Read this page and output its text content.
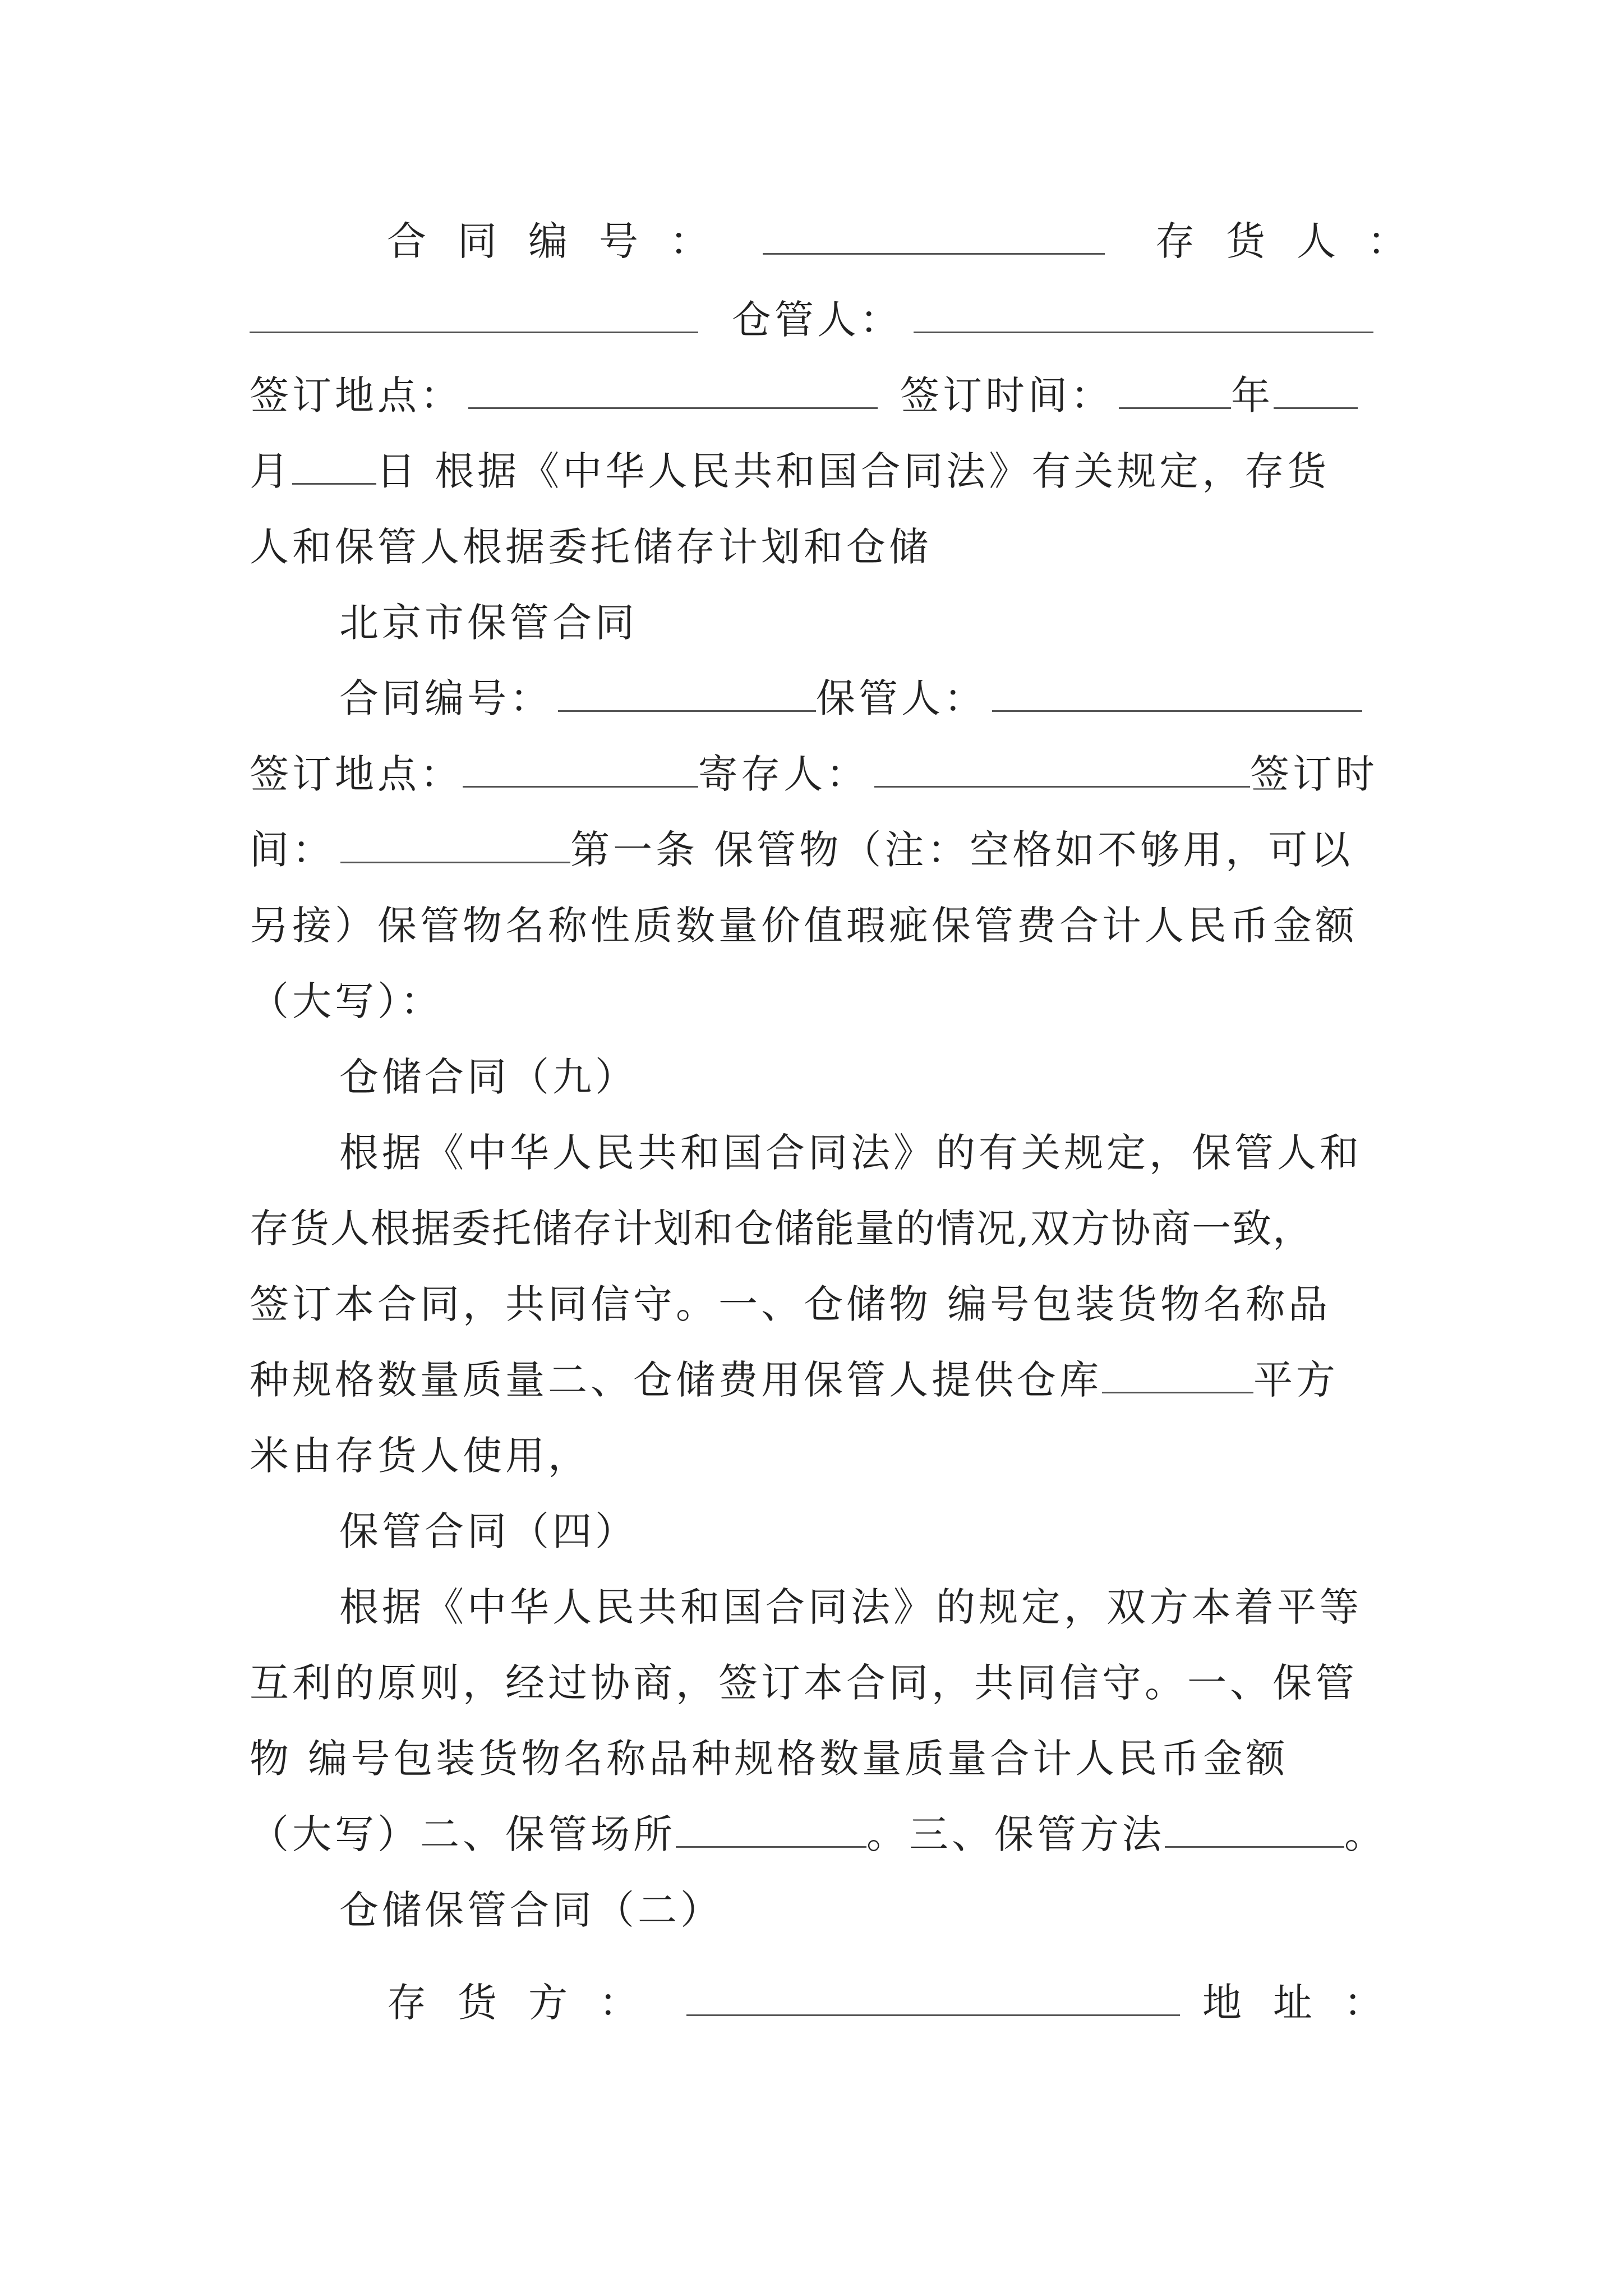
合同编号：	存货人：
仓管人：
签订地点：	签订时间：	年
月 日 根据《中华人民共和国合同法》有关规定，存货
人和保管人根据委托储存计划和仓储
北京市保管合同
合同编号：	保管人：
签订地点：	寄存人：	签订时
间：	第一条 保管物（注：空格如不够用，可以
另接）保管物名称性质数量价值瑕疵保管费合计人民币金额
（大写）：
仓储合同（九）
根据《中华人民共和国合同法》的有关规定，保管人和
存货人根据委托储存计划和仓储能量的情况,双方协商一致，
签订本合同，共同信守。一、仓储物 编号包装货物名称品
种规格数量质量二、仓储费用保管人提供仓库	平方
米由存货人使用，
保管合同（四）
根据《中华人民共和国合同法》的规定，双方本着平等
互利的原则，经过协商，签订本合同，共同信守。一、保管
物 编号包装货物名称品种规格数量质量合计人民币金额
（大写）二、保管场所	。三、保管方法	。
仓储保管合同（二）
存货方：	地址：
